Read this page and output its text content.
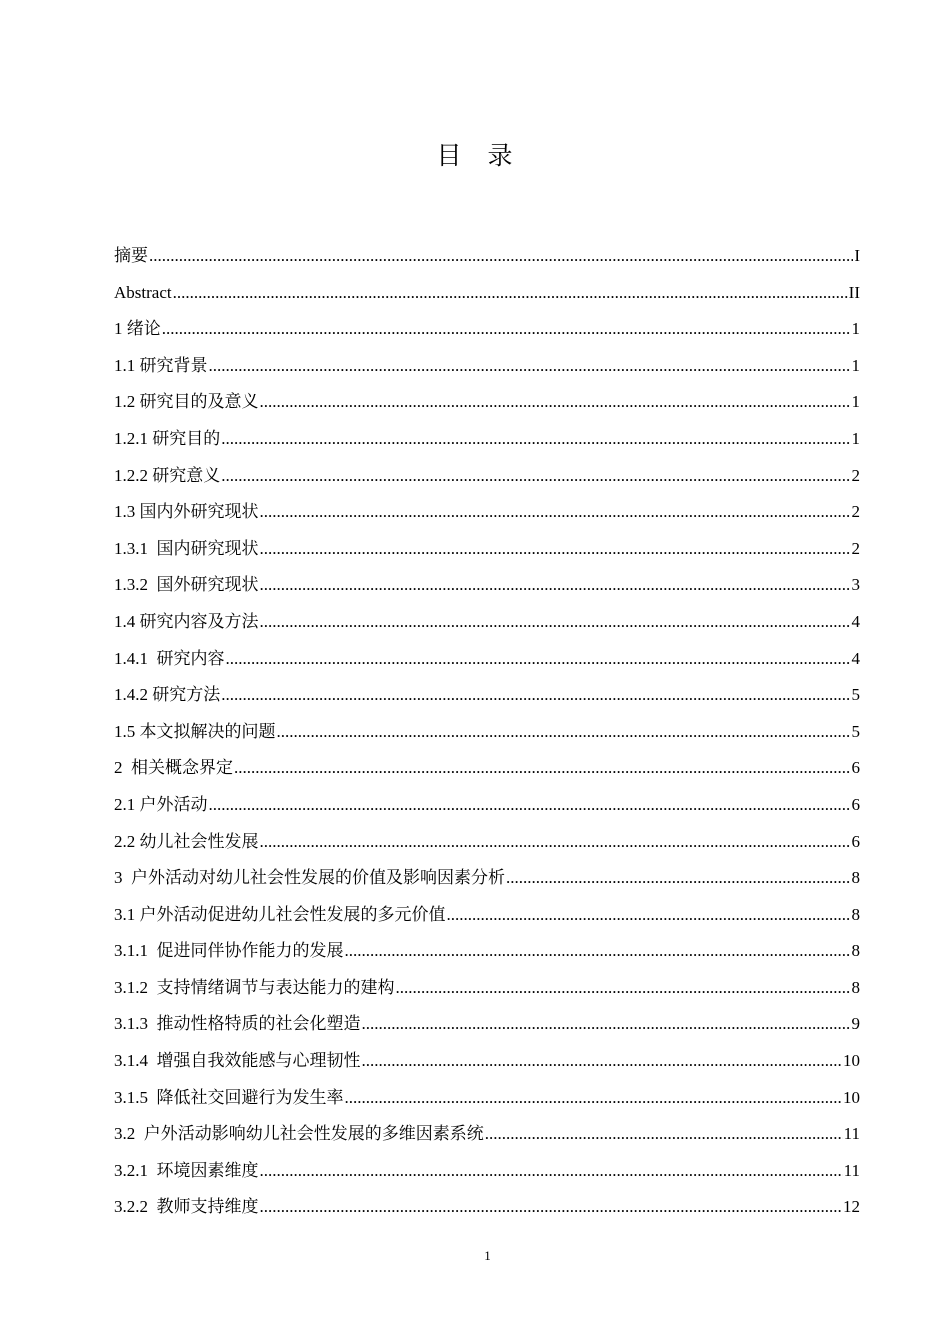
目录
摘要 .....	I
Abstract .....	II
1 绪论 .....	1
1.1 研究背景 .....	1
1.2 研究目的及意义 .....	1
1.2.1 研究目的 .....	1
1.2.2 研究意义 .....	2
1.3 国内外研究现状 .....	2
1.3.1  国内研究现状 .....	2
1.3.2  国外研究现状 .....	3
1.4 研究内容及方法 .....	4
1.4.1  研究内容 .....	4
1.4.2 研究方法 .....	5
1.5 本文拟解决的问题 .....	5
2  相关概念界定 .....	6
2.1 户外活动 .....	6
2.2 幼儿社会性发展 .....	6
3  户外活动对幼儿社会性发展的价值及影响因素分析 .....	8
3.1 户外活动促进幼儿社会性发展的多元价值 .....	8
3.1.1  促进同伴协作能力的发展 .....	8
3.1.2  支持情绪调节与表达能力的建构 .....	8
3.1.3  推动性格特质的社会化塑造 .....	9
3.1.4  增强自我效能感与心理韧性 .....	10
3.1.5  降低社交回避行为发生率 .....	10
3.2  户外活动影响幼儿社会性发展的多维因素系统 .....	11
3.2.1  环境因素维度 .....	11
3.2.2  教师支持维度 .....	12
1
